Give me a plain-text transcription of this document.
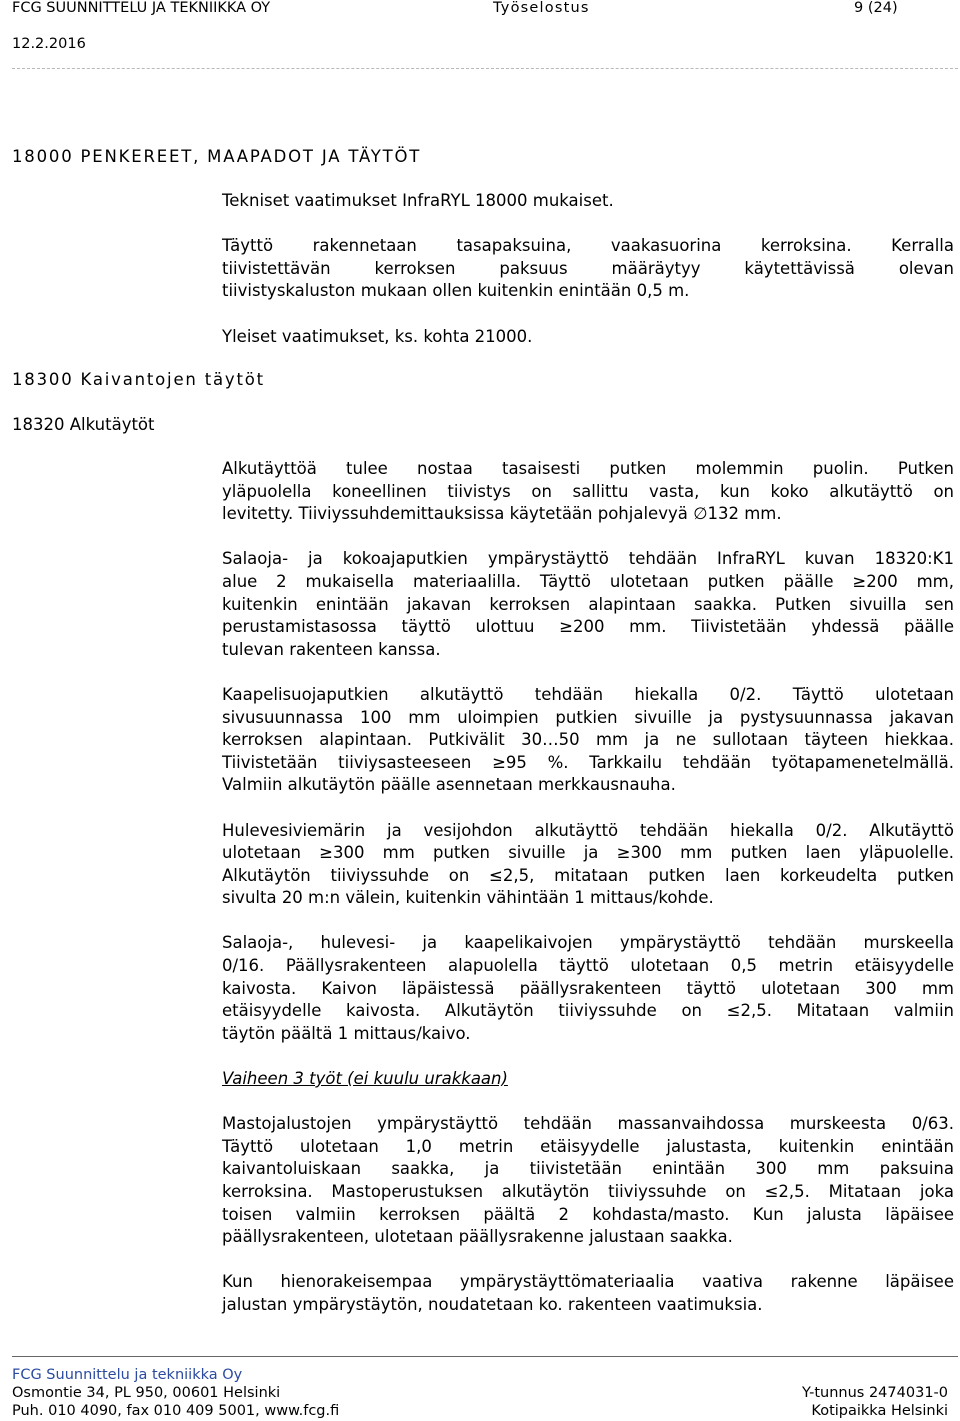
FCG SUUNNITTELU JA TEKNIIKKA OY	Työselostus	9 (24)
12.2.2016
18000 PENKEREET, MAAPADOT JA TÄYTÖT
18300 Kaivantojen täytöt
18320 Alkutäytöt

Tekniset vaatimukset InfraRYL 18000 mukaiset.

Täyttö rakennetaan tasapaksuina, vaakasuorina kerroksina. Kerralla
tiivistettävän kerroksen paksuus määräytyy käytettävissä olevan
tiivistyskaluston mukaan ollen kuitenkin enintään 0,5 m.

Yleiset vaatimukset, ks. kohta 21000.

Alkutäyttöä tulee nostaa tasaisesti putken molemmin puolin. Putken
yläpuolella koneellinen tiivistys on sallittu vasta, kun koko alkutäyttö on
levitetty. Tiiviyssuhdemittauksissa käytetään pohjalevyä ∅132 mm.

Salaoja- ja kokoajaputkien ympärystäyttö tehdään InfraRYL kuvan 18320:K1
alue 2 mukaisella materiaalilla. Täyttö ulotetaan putken päälle ≥200 mm,
kuitenkin enintään jakavan kerroksen alapintaan saakka. Putken sivuilla sen
perustamistasossa täyttö ulottuu ≥200 mm. Tiivistetään yhdessä päälle
tulevan rakenteen kanssa.

Kaapelisuojaputkien alkutäyttö tehdään hiekalla 0/2. Täyttö ulotetaan
sivusuunnassa 100 mm uloimpien putkien sivuille ja pystysuunnassa jakavan
kerroksen alapintaan. Putkivälit 30…50 mm ja ne sullotaan täyteen hiekkaa.
Tiivistetään tiiviysasteeseen ≥95 %. Tarkkailu tehdään työtapamenetelmällä.
Valmiin alkutäytön päälle asennetaan merkkausnauha.

Hulevesiviemärin ja vesijohdon alkutäyttö tehdään hiekalla 0/2. Alkutäyttö
ulotetaan ≥300 mm putken sivuille ja ≥300 mm putken laen yläpuolelle.
Alkutäytön tiiviyssuhde on ≤2,5, mitataan putken laen korkeudelta putken
sivulta 20 m:n välein, kuitenkin vähintään 1 mittaus/kohde.

Salaoja-, hulevesi- ja kaapelikaivojen ympärystäyttö tehdään murskeella
0/16. Päällysrakenteen alapuolella täyttö ulotetaan 0,5 metrin etäisyydelle
kaivosta. Kaivon läpäistessä päällysrakenteen täyttö ulotetaan 300 mm
etäisyydelle kaivosta. Alkutäytön tiiviyssuhde on ≤2,5. Mitataan valmiin
täytön päältä 1 mittaus/kaivo.

Vaiheen 3 työt (ei kuulu urakkaan)

Mastojalustojen ympärystäyttö tehdään massanvaihdossa murskeesta 0/63.
Täyttö ulotetaan 1,0 metrin etäisyydelle jalustasta, kuitenkin enintään
kaivantoluiskaan saakka, ja tiivistetään enintään 300 mm paksuina
kerroksina. Mastoperustuksen alkutäytön tiiviyssuhde on ≤2,5. Mitataan joka
toisen valmiin kerroksen päältä 2 kohdasta/masto. Kun jalusta läpäisee
päällysrakenteen, ulotetaan päällysrakenne jalustaan saakka.

Kun hienorakeisempaa ympärystäyttömateriaalia vaativa rakenne läpäisee
jalustan ympärystäytön, noudatetaan ko. rakenteen vaatimuksia.

FCG Suunnittelu ja tekniikka Oy
Osmontie 34, PL 950, 00601 Helsinki
Puh. 010 4090, fax 010 409 5001, www.fcg.fi
Y-tunnus 2474031-0
Kotipaikka Helsinki
